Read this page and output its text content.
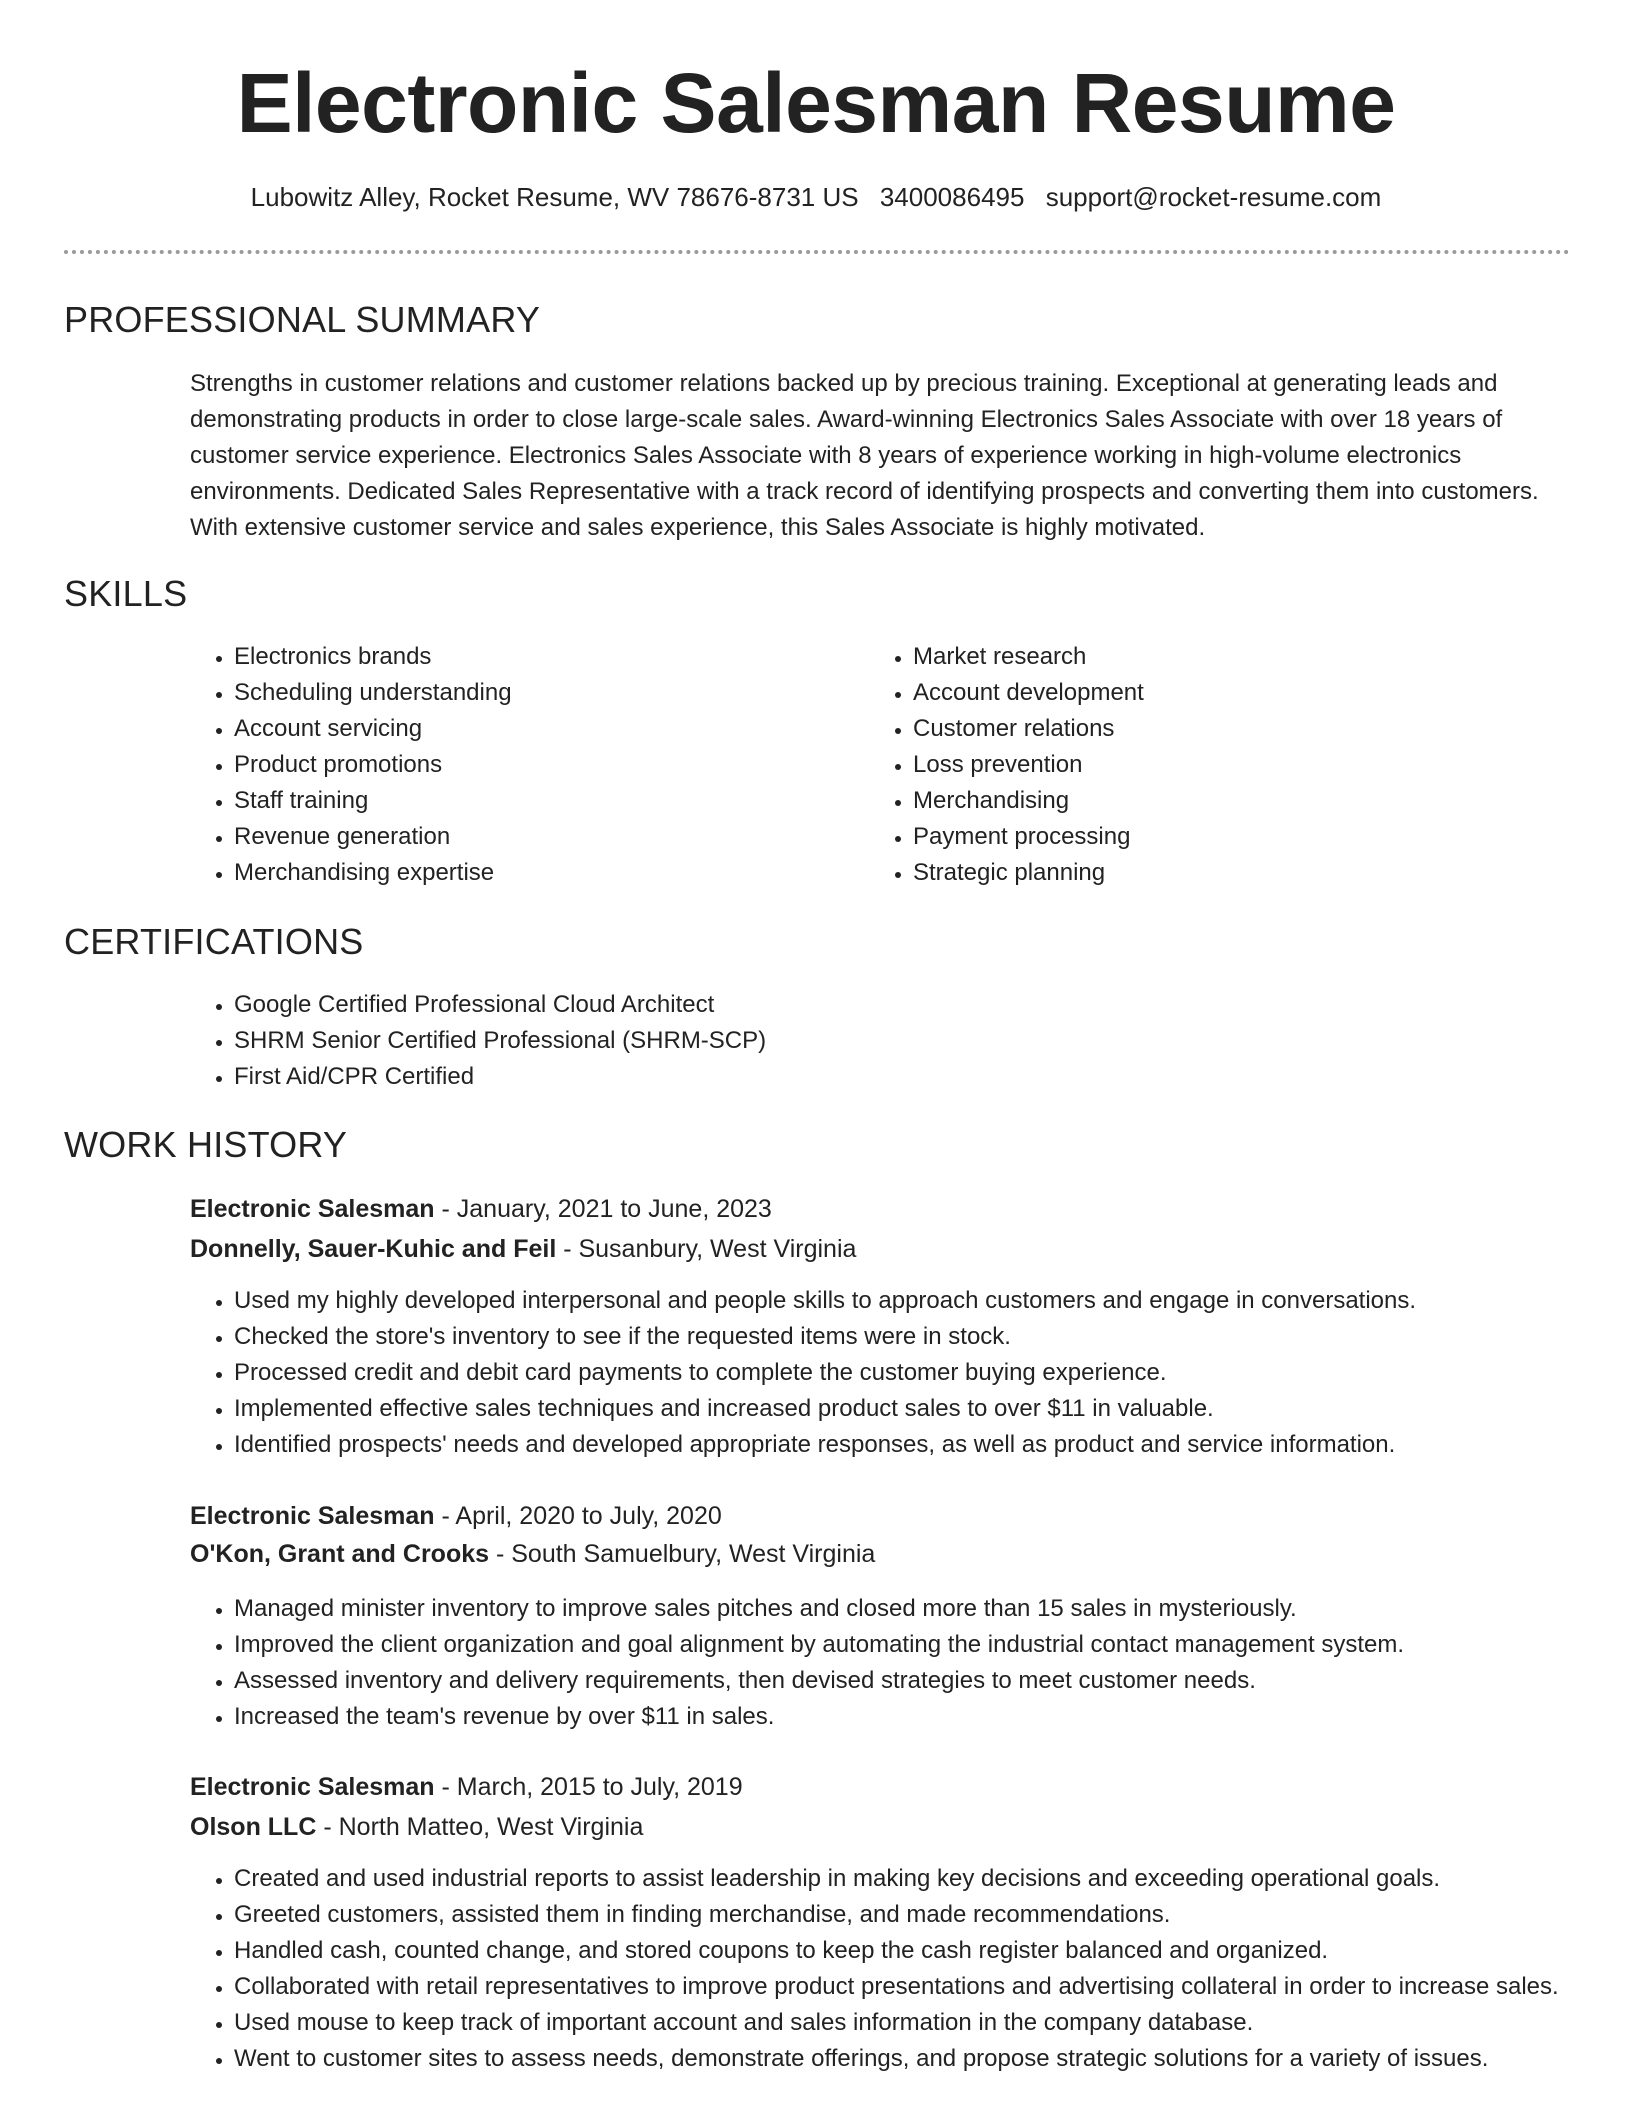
Electronic Salesman Resume
Lubowitz Alley, Rocket Resume, WV 78676-8731 US 3400086495 support@rocket-resume.com
PROFESSIONAL SUMMARY

Strengths in customer relations and customer relations backed up by precious training. Exceptional at generating leads and demonstrating products in order to close large-scale sales. Award-winning Electronics Sales Associate with over 18 years of customer service experience. Electronics Sales Associate with 8 years of experience working in high-volume electronics environments. Dedicated Sales Representative with a track record of identifying prospects and converting them into customers. With extensive customer service and sales experience, this Sales Associate is highly motivated.

SKILLS
• Electronics brands
• Scheduling understanding
• Account servicing
• Product promotions
• Staff training
• Revenue generation
• Merchandising expertise
• Market research
• Account development
• Customer relations
• Loss prevention
• Merchandising
• Payment processing
• Strategic planning
CERTIFICATIONS
• Google Certified Professional Cloud Architect
• SHRM Senior Certified Professional (SHRM-SCP)
• First Aid/CPR Certified
WORK HISTORY
Electronic Salesman - January, 2021 to June, 2023
Donnelly, Sauer-Kuhic and Feil - Susanbury, West Virginia
• Used my highly developed interpersonal and people skills to approach customers and engage in conversations.
• Checked the store's inventory to see if the requested items were in stock.
• Processed credit and debit card payments to complete the customer buying experience.
• Implemented effective sales techniques and increased product sales to over $11 in valuable.
• Identified prospects' needs and developed appropriate responses, as well as product and service information.
Electronic Salesman - April, 2020 to July, 2020
O'Kon, Grant and Crooks - South Samuelbury, West Virginia
• Managed minister inventory to improve sales pitches and closed more than 15 sales in mysteriously.
• Improved the client organization and goal alignment by automating the industrial contact management system.
• Assessed inventory and delivery requirements, then devised strategies to meet customer needs.
• Increased the team's revenue by over $11 in sales.
Electronic Salesman - March, 2015 to July, 2019
Olson LLC - North Matteo, West Virginia
• Created and used industrial reports to assist leadership in making key decisions and exceeding operational goals.
• Greeted customers, assisted them in finding merchandise, and made recommendations.
• Handled cash, counted change, and stored coupons to keep the cash register balanced and organized.
• Collaborated with retail representatives to improve product presentations and advertising collateral in order to increase sales.
• Used mouse to keep track of important account and sales information in the company database.
• Went to customer sites to assess needs, demonstrate offerings, and propose strategic solutions for a variety of issues.
